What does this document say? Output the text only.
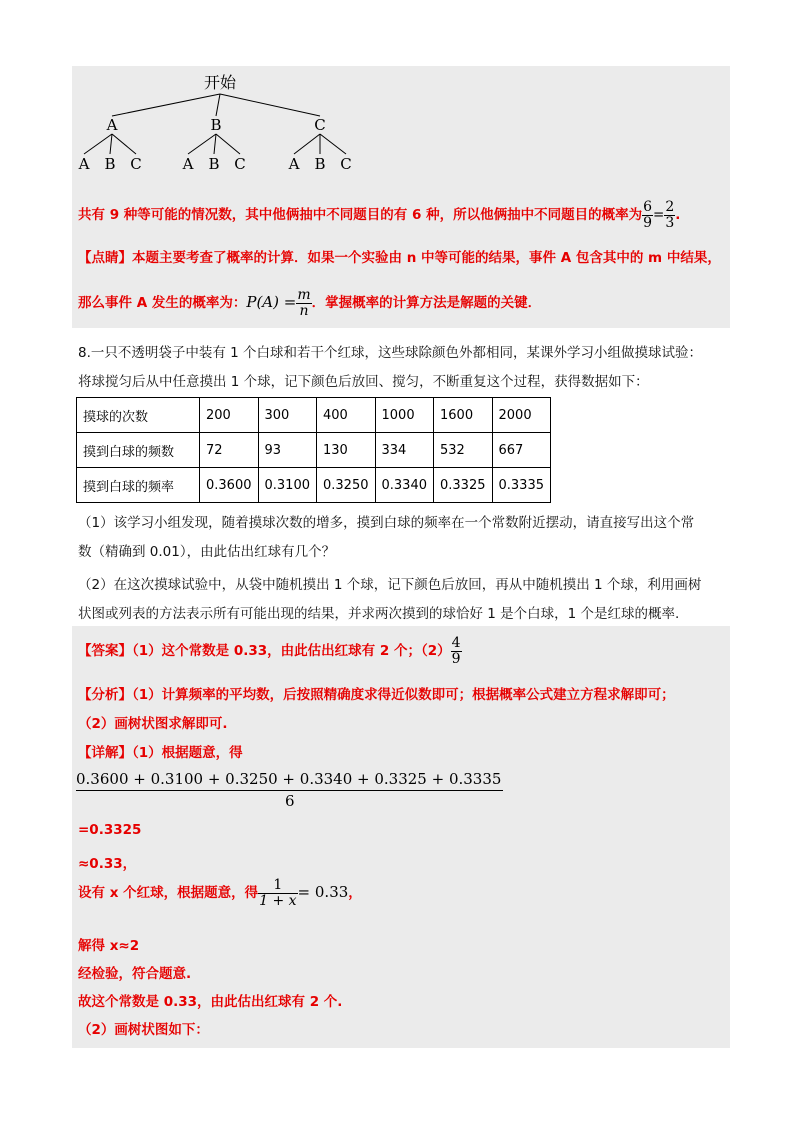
开始
A	B	C
A B C	A B C	A B C
共有 9 种等可能的情况数，其中他俩抽中不同题目的有 6 种，所以他俩抽中不同题目的概率为 $\frac{6}{9} = \frac{2}{3}$ .
【点睛】本题主要考查了概率的计算．如果一个实验由 n 中等可能的结果，事件 A 包含其中的 m 中结果，
那么事件 A 发生的概率为：$P(A) = \frac{m}{n}$ ．掌握概率的计算方法是解题的关键．
8.一只不透明袋子中装有 1 个白球和若干个红球，这些球除颜色外都相同，某课外学习小组做摸球试验：
将球搅匀后从中任意摸出 1 个球，记下颜色后放回、搅匀，不断重复这个过程，获得数据如下：
摸球的次数	200	300	400	1000	1600	2000
摸到白球的频数	72	93	130	334	532	667
摸到白球的频率	0.3600	0.3100	0.3250	0.3340	0.3325	0.3335
（1）该学习小组发现，随着摸球次数的增多，摸到白球的频率在一个常数附近摆动，请直接写出这个常
数（精确到 0.01），由此估出红球有几个？
（2）在这次摸球试验中，从袋中随机摸出 1 个球，记下颜色后放回，再从中随机摸出 1 个球，利用画树
状图或列表的方法表示所有可能出现的结果，并求两次摸到的球恰好 1 是个白球，1 个是红球的概率.
【答案】（1）这个常数是 0.33，由此估出红球有 2 个；$(2) \frac{4}{9}$
【分析】（1）计算频率的平均数，后按照精确度求得近似数即可；根据概率公式建立方程求解即可；
（2）画树状图求解即可.
【详解】（1）根据题意，得
$\frac{0.3600 + 0.3100 + 0.3250 + 0.3340 + 0.3325 + 0.3335}{6}$
=0.3325
≈0.33，
设有 x 个红球，根据题意，得 $\frac{1}{1 + x} = 0.33$，
解得 x≈2
经检验，符合题意.
故这个常数是 0.33，由此估出红球有 2 个.
（2）画树状图如下：
